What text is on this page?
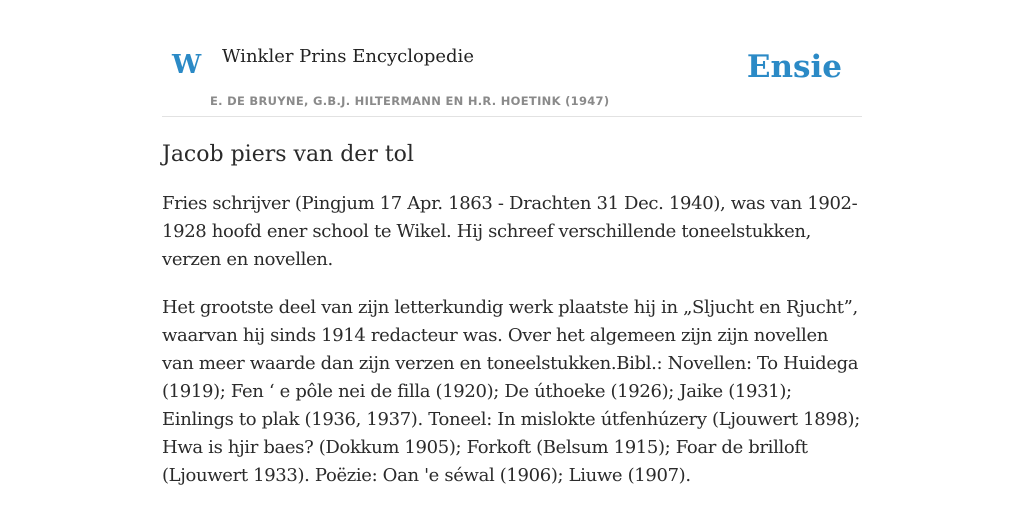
W Winkler Prins Encyclopedie
E. DE BRUYNE, G.B.J. HILTERMANN EN H.R. HOETINK (1947)
Ensie
Jacob piers van der tol

Fries schrijver (Pingjum 17 Apr. 1863 - Drachten 31 Dec. 1940), was van 1902-1928 hoofd ener school te Wikel. Hij schreef verschillende toneelstukken, verzen en novellen.

Het grootste deel van zijn letterkundig werk plaatste hij in „Sljucht en Rjucht”, waarvan hij sinds 1914 redacteur was. Over het algemeen zijn zijn novellen van meer waarde dan zijn verzen en toneelstukken.Bibl.: Novellen: To Huidega (1919); Fen ʻ e pôle nei de filla (1920); De úthoeke (1926); Jaike (1931); Einlings to plak (1936, 1937). Toneel: In mislokte útfenhúzery (Ljouwert 1898); Hwa is hjir baes? (Dokkum 1905); Forkoft (Belsum 1915); Foar de brilloft (Ljouwert 1933). Poëzie: Oan 'e séwal (1906); Liuwe (1907).
